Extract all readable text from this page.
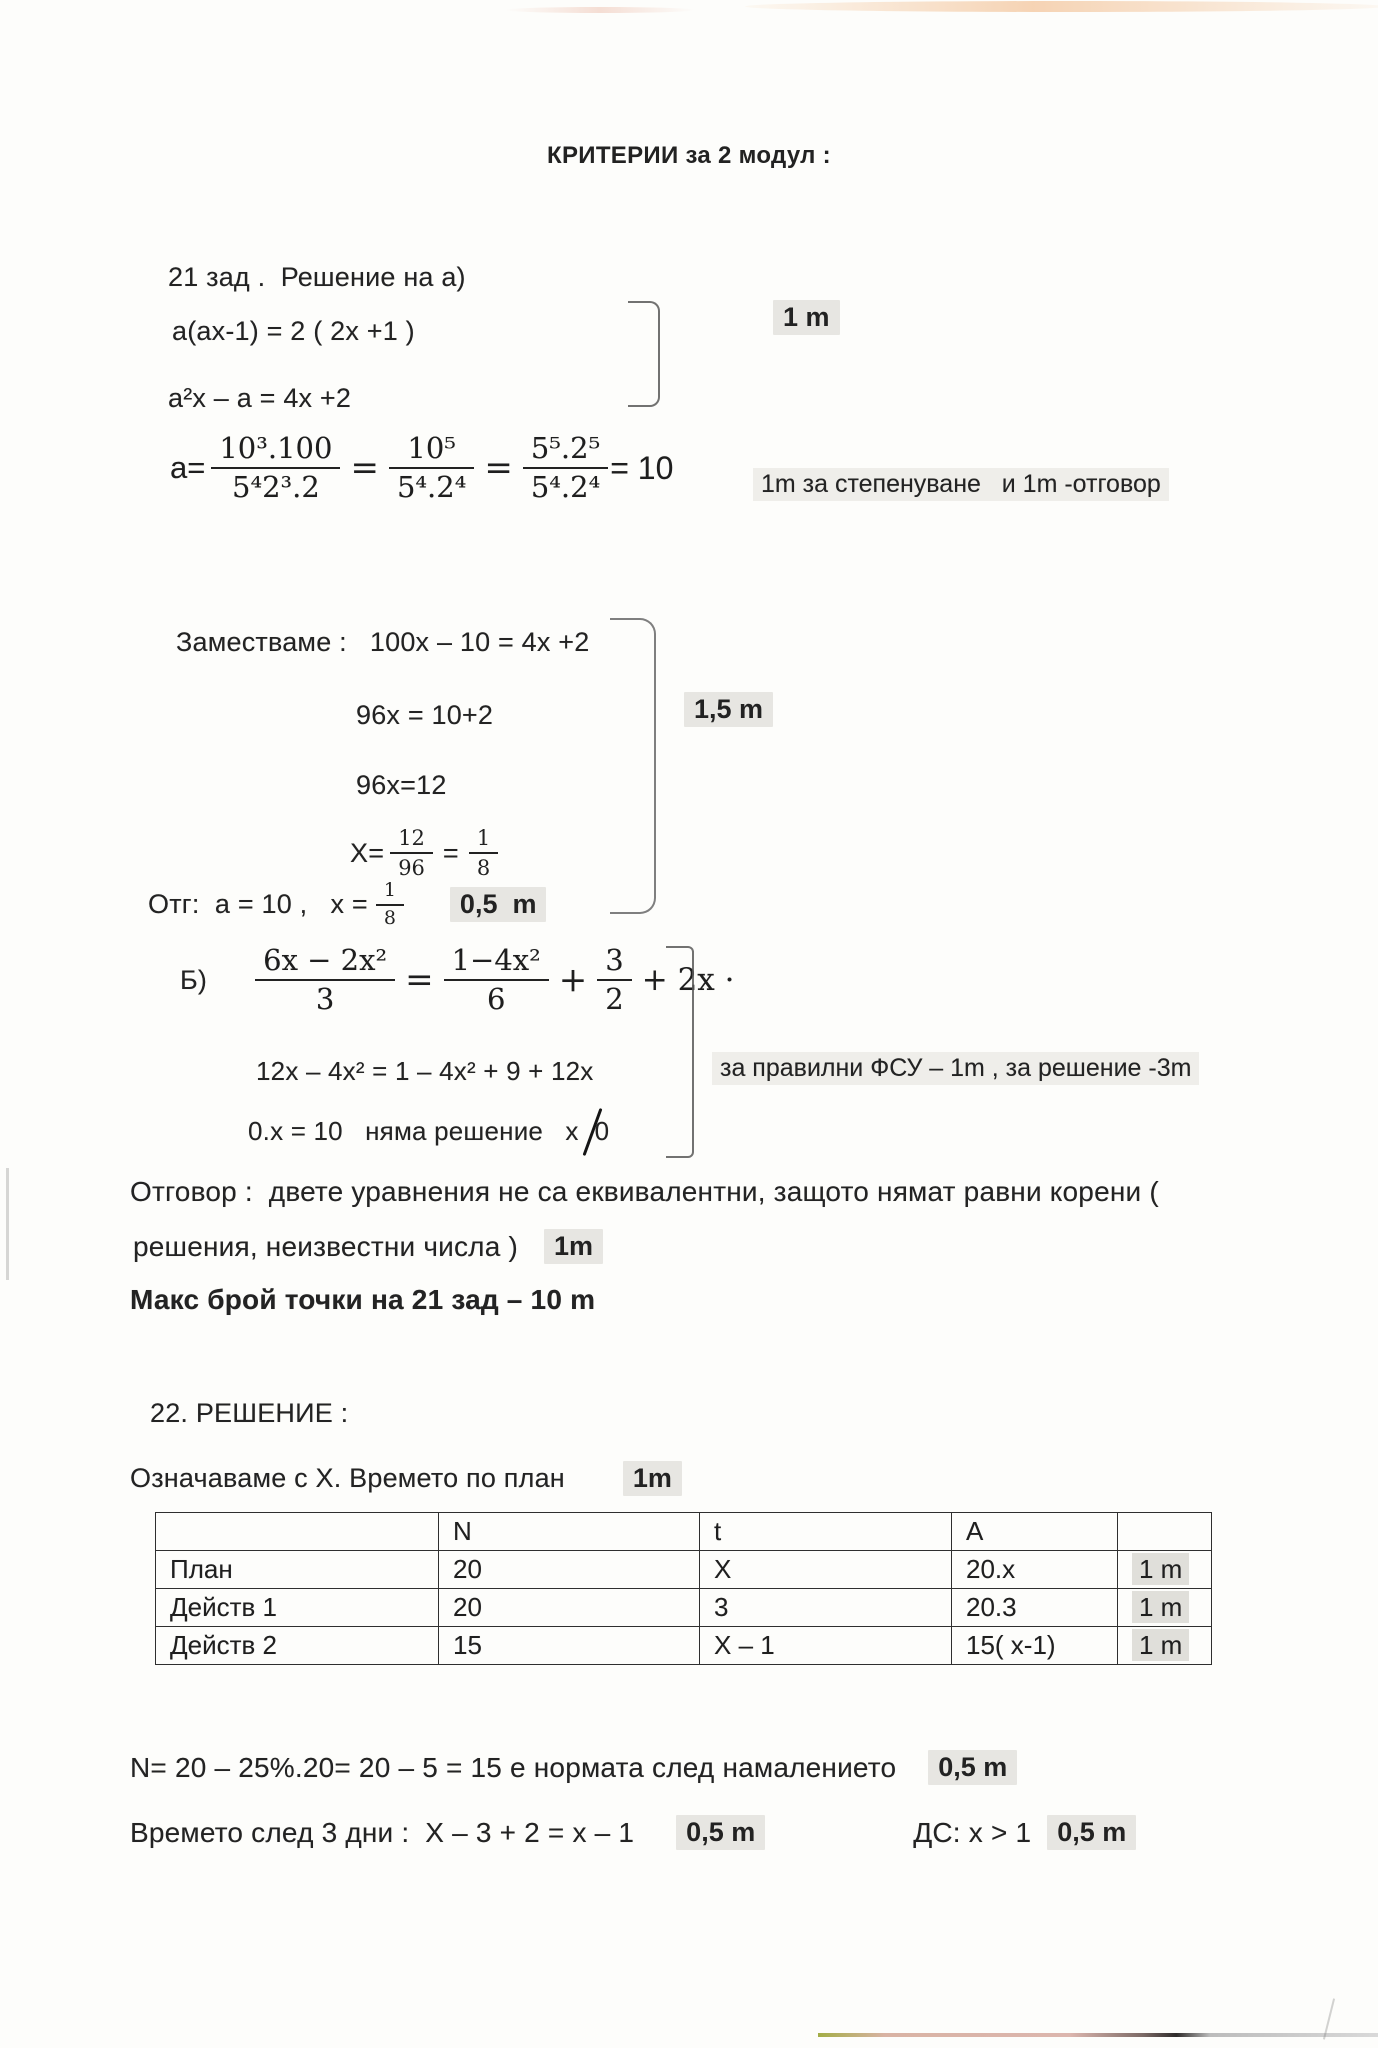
КРИТЕРИИ за 2 модул :
21 зад .  Решение на а)
а(ах-1) = 2 ( 2х +1 )
а²х – а = 4х +2
1 m
$a= \frac{\text{10³.100}}{\text{5⁴2³.2}} = \frac{\text{10⁵}}{\text{5⁴.2⁴}} = \frac{\text{5⁵.2⁵}}{\text{5⁴.2⁴}} = 10$	1m за степенуване   и 1m -отговор
Заместваме :   100х – 10 = 4х +2
96х = 10+2
96х=12
$Х= \frac{12}{96} = \frac{1}{8}$
1,5 m
Отг:  а = 10 ,   $х = \frac{1}{8}$	0,5  m
$Б) \frac{\text{6х − 2х²}}{3} = \frac{\text{1−4х²}}{6} + \frac{3}{2} + 2х$ ·
12х – 4х² = 1 – 4х² + 9 + 12х
0.х = 10   няма решение   х 0
за правилни ФСУ – 1m , за решение -3m
Отговор :  двете уравнения не са еквивалентни, защото нямат равни корени (
решения, неизвестни числа )	1m
Макс брой точки на 21 зад – 10 m
22. РЕШЕНИЕ :
Означаваме с Х. Времето по план	1m
	N	t	А	
План	20	Х	20.х	1 m
Действ 1	20	3	20.3	1 m
Действ 2	15	Х – 1	15( х-1)	1 m
N= 20 – 25%.20= 20 – 5 = 15 е нормата след намалението	0,5 m
Времето след 3 дни :  Х – 3 + 2 = х – 1	0,5 m	ДС: х > 1 0,5 m
